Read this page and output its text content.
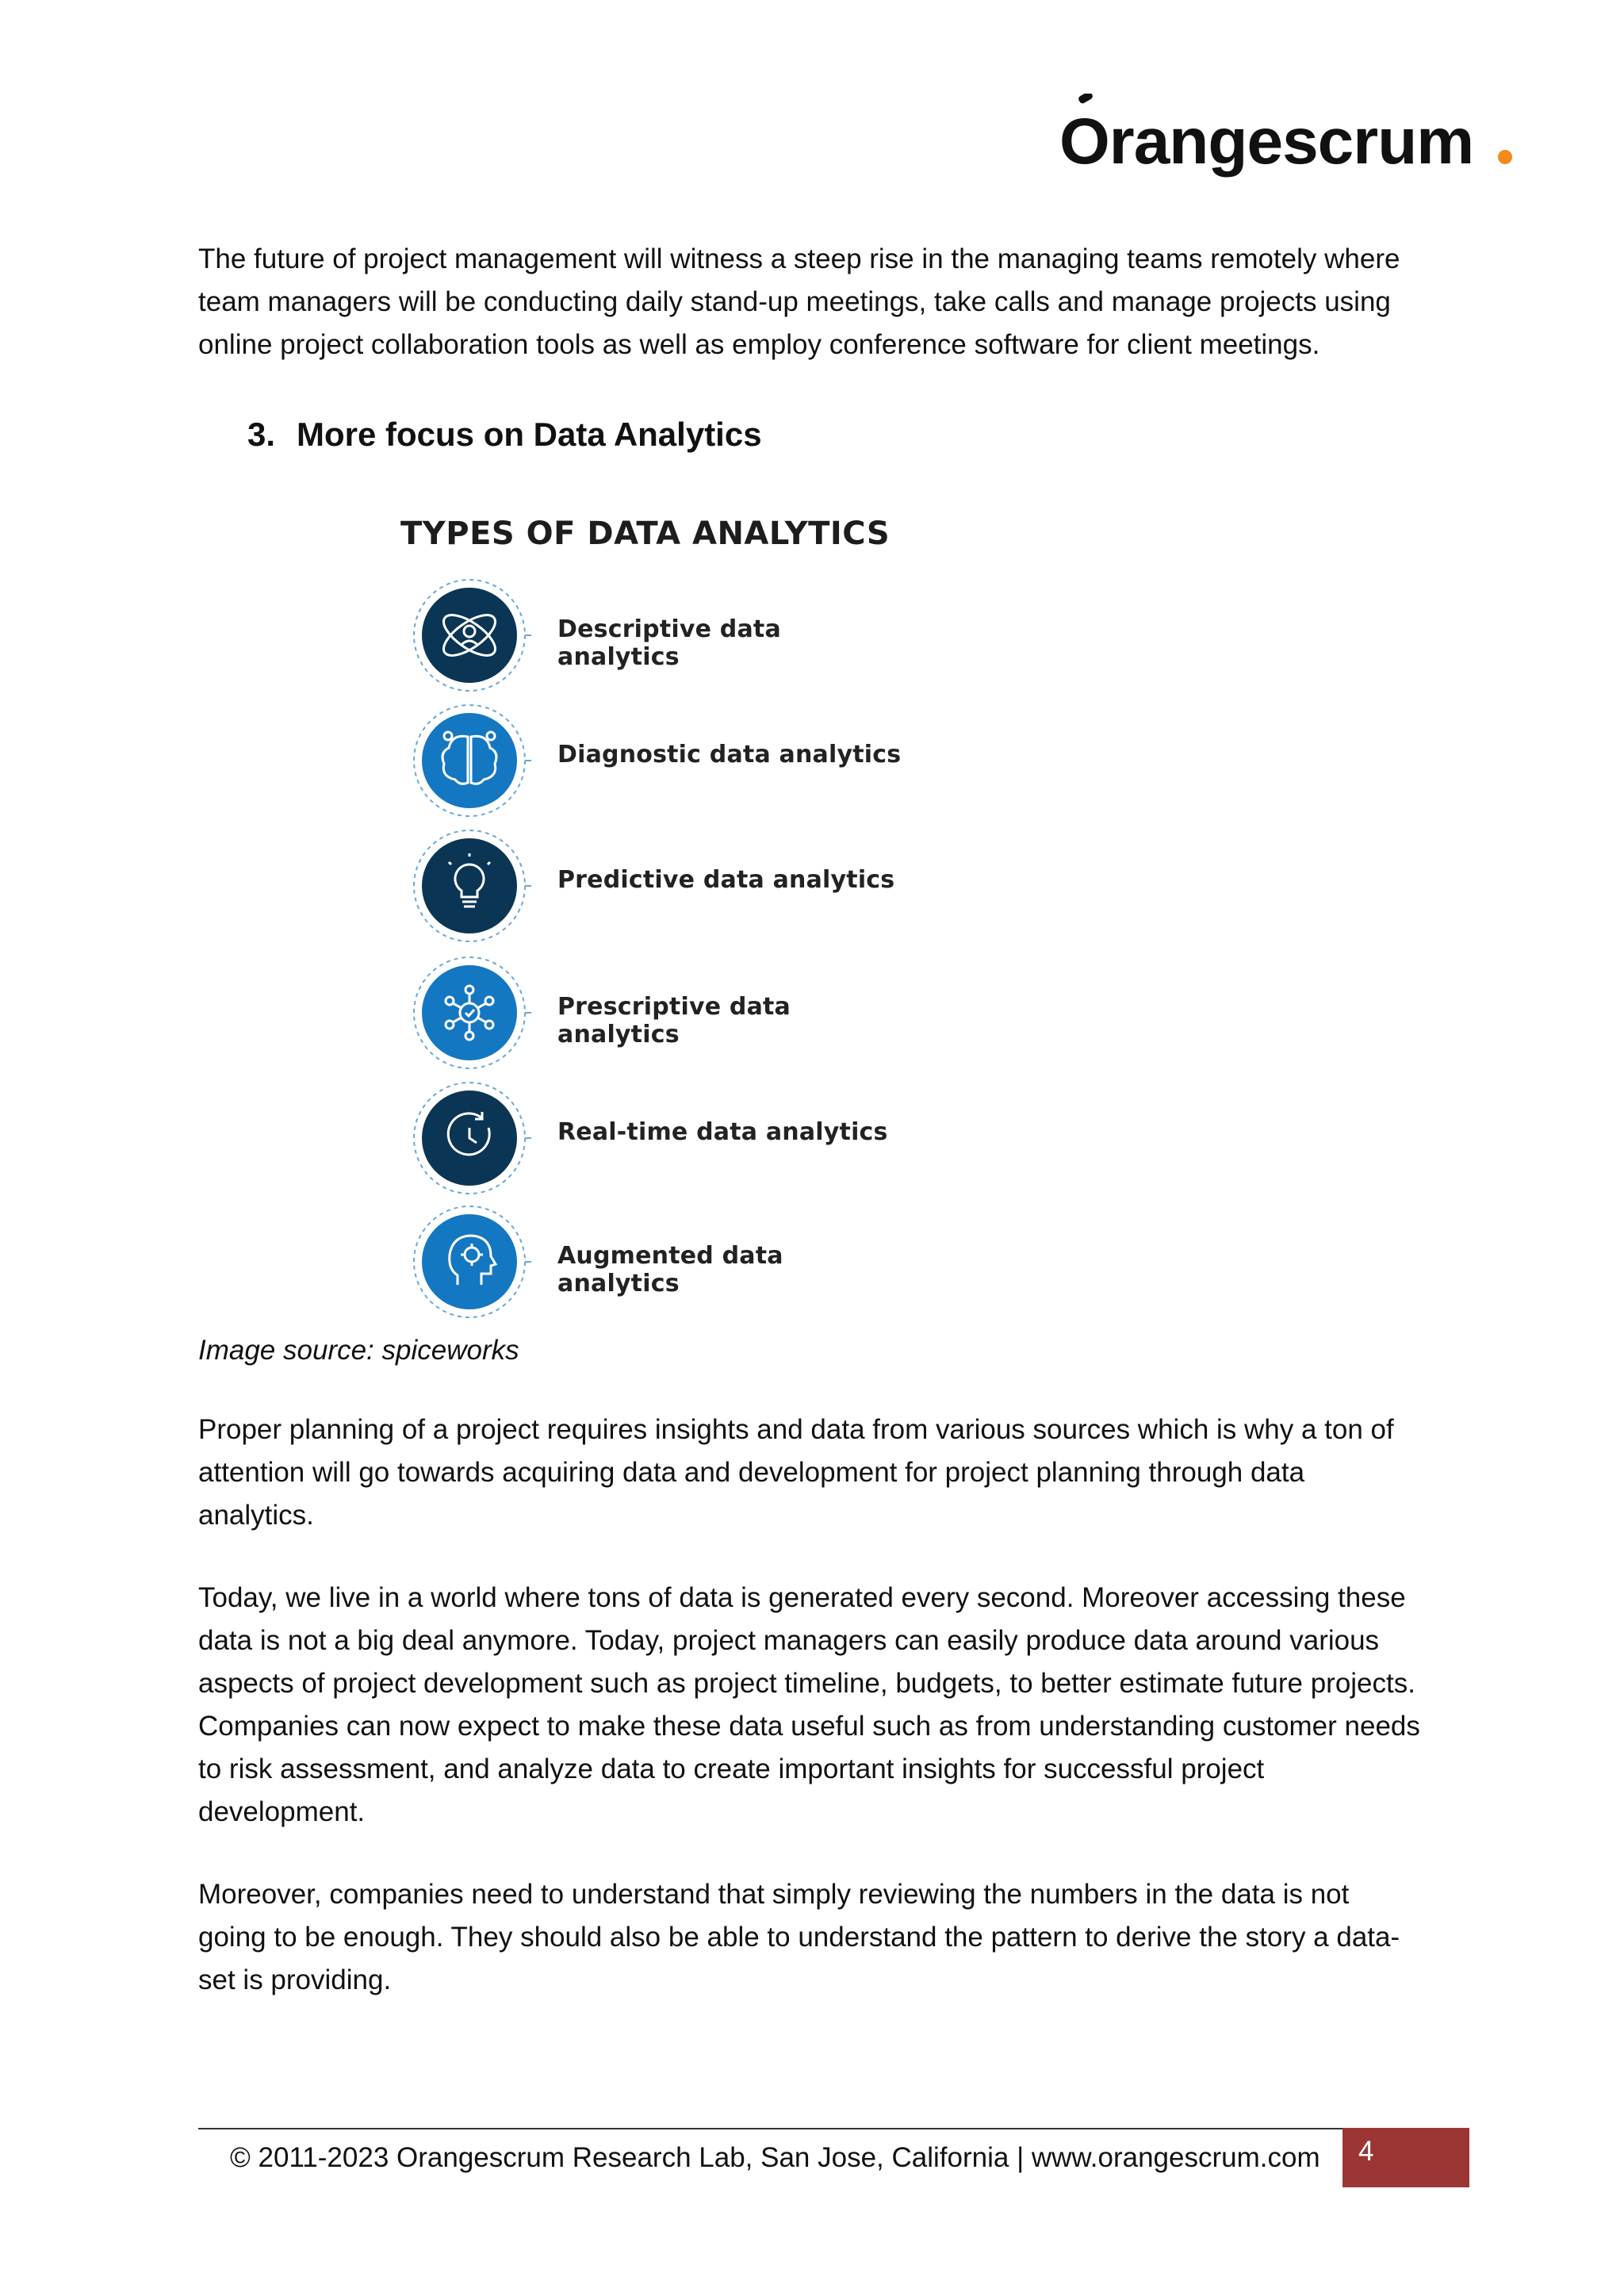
Orangescrum

The future of project management will witness a steep rise in the managing teams remotely where
team managers will be conducting daily stand-up meetings, take calls and manage projects using
online project collaboration tools as well as employ conference software for client meetings.

3. More focus on Data Analytics
TYPES OF DATA ANALYTICS
Descriptive data analytics
Diagnostic data analytics
Predictive data analytics
Prescriptive data analytics
Real-time data analytics
Augmented data analytics

Image source: spiceworks

Proper planning of a project requires insights and data from various sources which is why a ton of
attention will go towards acquiring data and development for project planning through data
analytics.

Today, we live in a world where tons of data is generated every second. Moreover accessing these
data is not a big deal anymore. Today, project managers can easily produce data around various
aspects of project development such as project timeline, budgets, to better estimate future projects.
Companies can now expect to make these data useful such as from understanding customer needs
to risk assessment, and analyze data to create important insights for successful project
development.

Moreover, companies need to understand that simply reviewing the numbers in the data is not
going to be enough. They should also be able to understand the pattern to derive the story a data-
set is providing.

© 2011-2023 Orangescrum Research Lab, San Jose, California | www.orangescrum.com 4
